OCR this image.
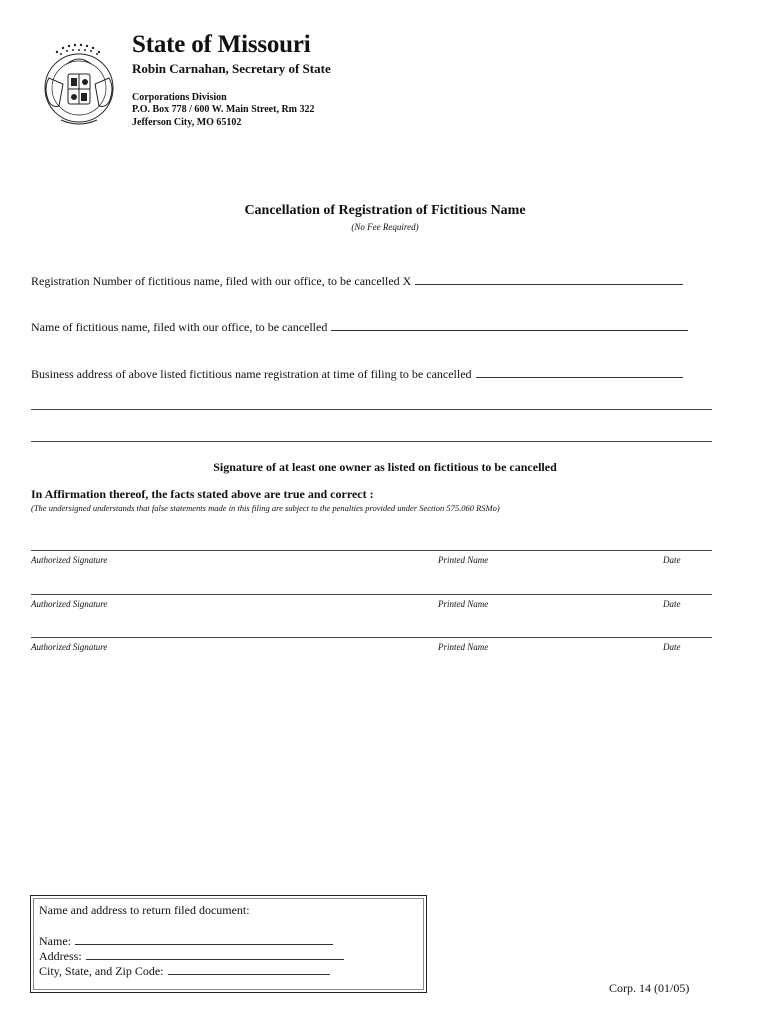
State of Missouri
Robin Carnahan, Secretary of State
Corporations Division
P.O. Box 778 / 600 W. Main Street, Rm 322
Jefferson City, MO 65102
Cancellation of Registration of Fictitious Name
(No Fee Required)
Registration Number of fictitious name, filed with our office, to be cancelled X
Name of fictitious name, filed with our office, to be cancelled
Business address of above listed fictitious name registration at time of filing to be cancelled
Signature of at least one owner as listed on fictitious to be cancelled
In Affirmation thereof, the facts stated above are true and correct :
(The undersigned understands that false statements made in this filing are subject to the penalties provided under Section 575.060 RSMo)
Authorized Signature	Printed Name	Date
Authorized Signature	Printed Name	Date
Authorized Signature	Printed Name	Date
Name and address to return filed document:
Name:
Address:
City, State, and Zip Code:
Corp. 14 (01/05)
